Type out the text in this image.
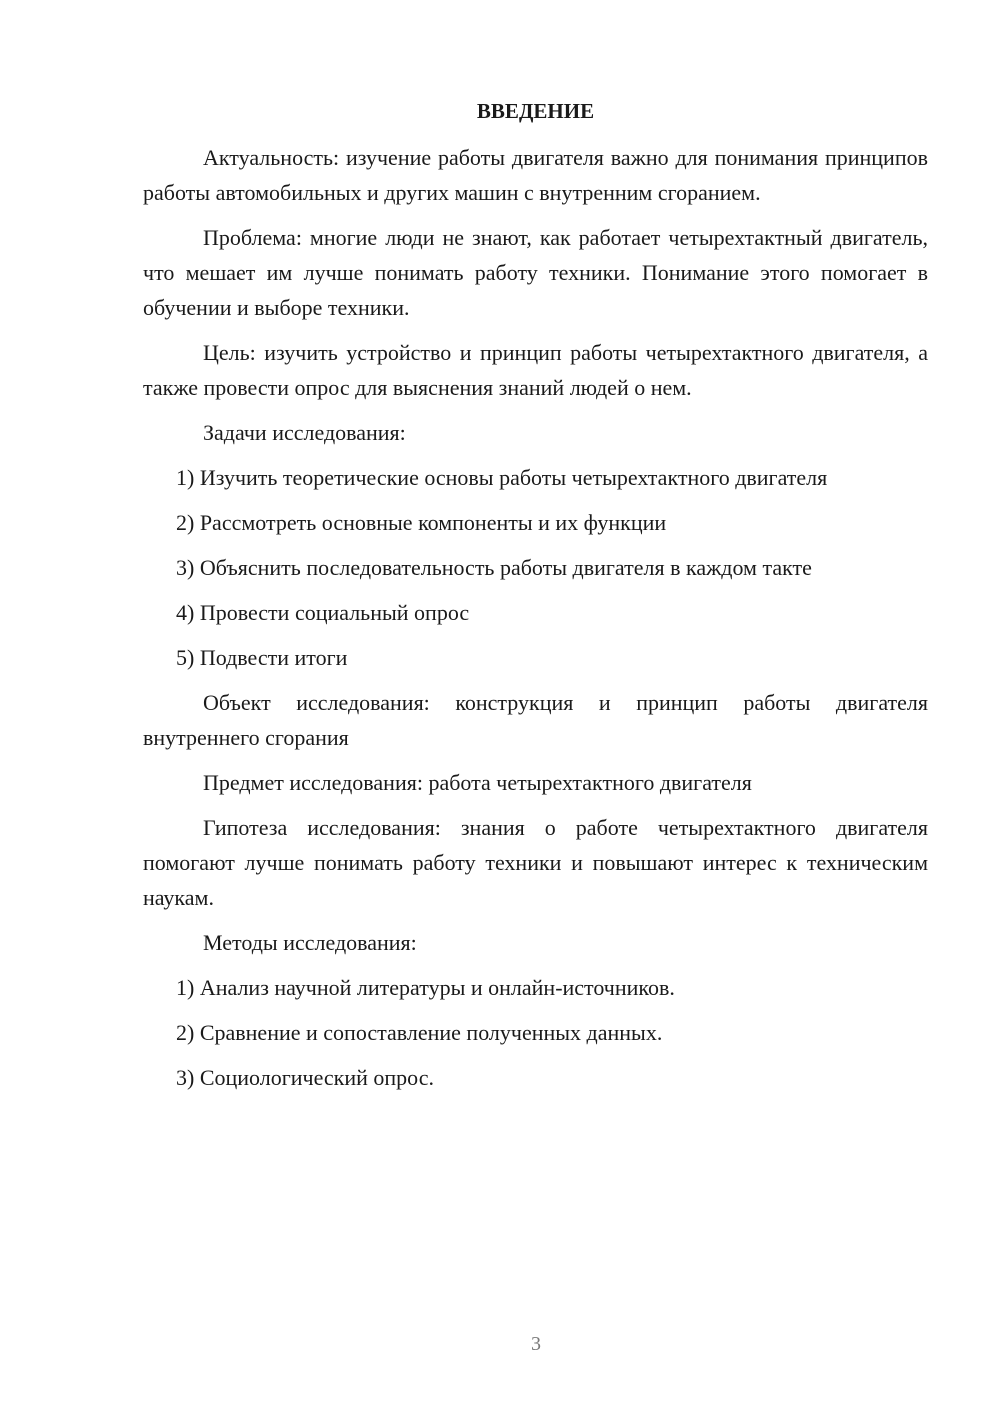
ВВЕДЕНИЕ

Актуальность: изучение работы двигателя важно для понимания принципов работы автомобильных и других машин с внутренним сгоранием.

Проблема: многие люди не знают, как работает четырехтактный двигатель, что мешает им лучше понимать работу техники. Понимание этого помогает в обучении и выборе техники.

Цель: изучить устройство и принцип работы четырехтактного двигателя, а также провести опрос для выяснения знаний людей о нем.

Задачи исследования:

1) Изучить теоретические основы работы четырехтактного двигателя
2) Рассмотреть основные компоненты и их функции
3) Объяснить последовательность работы двигателя в каждом такте
4) Провести социальный опрос
5) Подвести итоги

Объект исследования: конструкция и принцип работы двигателя внутреннего сгорания

Предмет исследования: работа четырехтактного двигателя

Гипотеза исследования: знания о работе четырехтактного двигателя помогают лучше понимать работу техники и повышают интерес к техническим наукам.

Методы исследования:

1) Анализ научной литературы и онлайн-источников.
2) Сравнение и сопоставление полученных данных.
3) Социологический опрос.
3
